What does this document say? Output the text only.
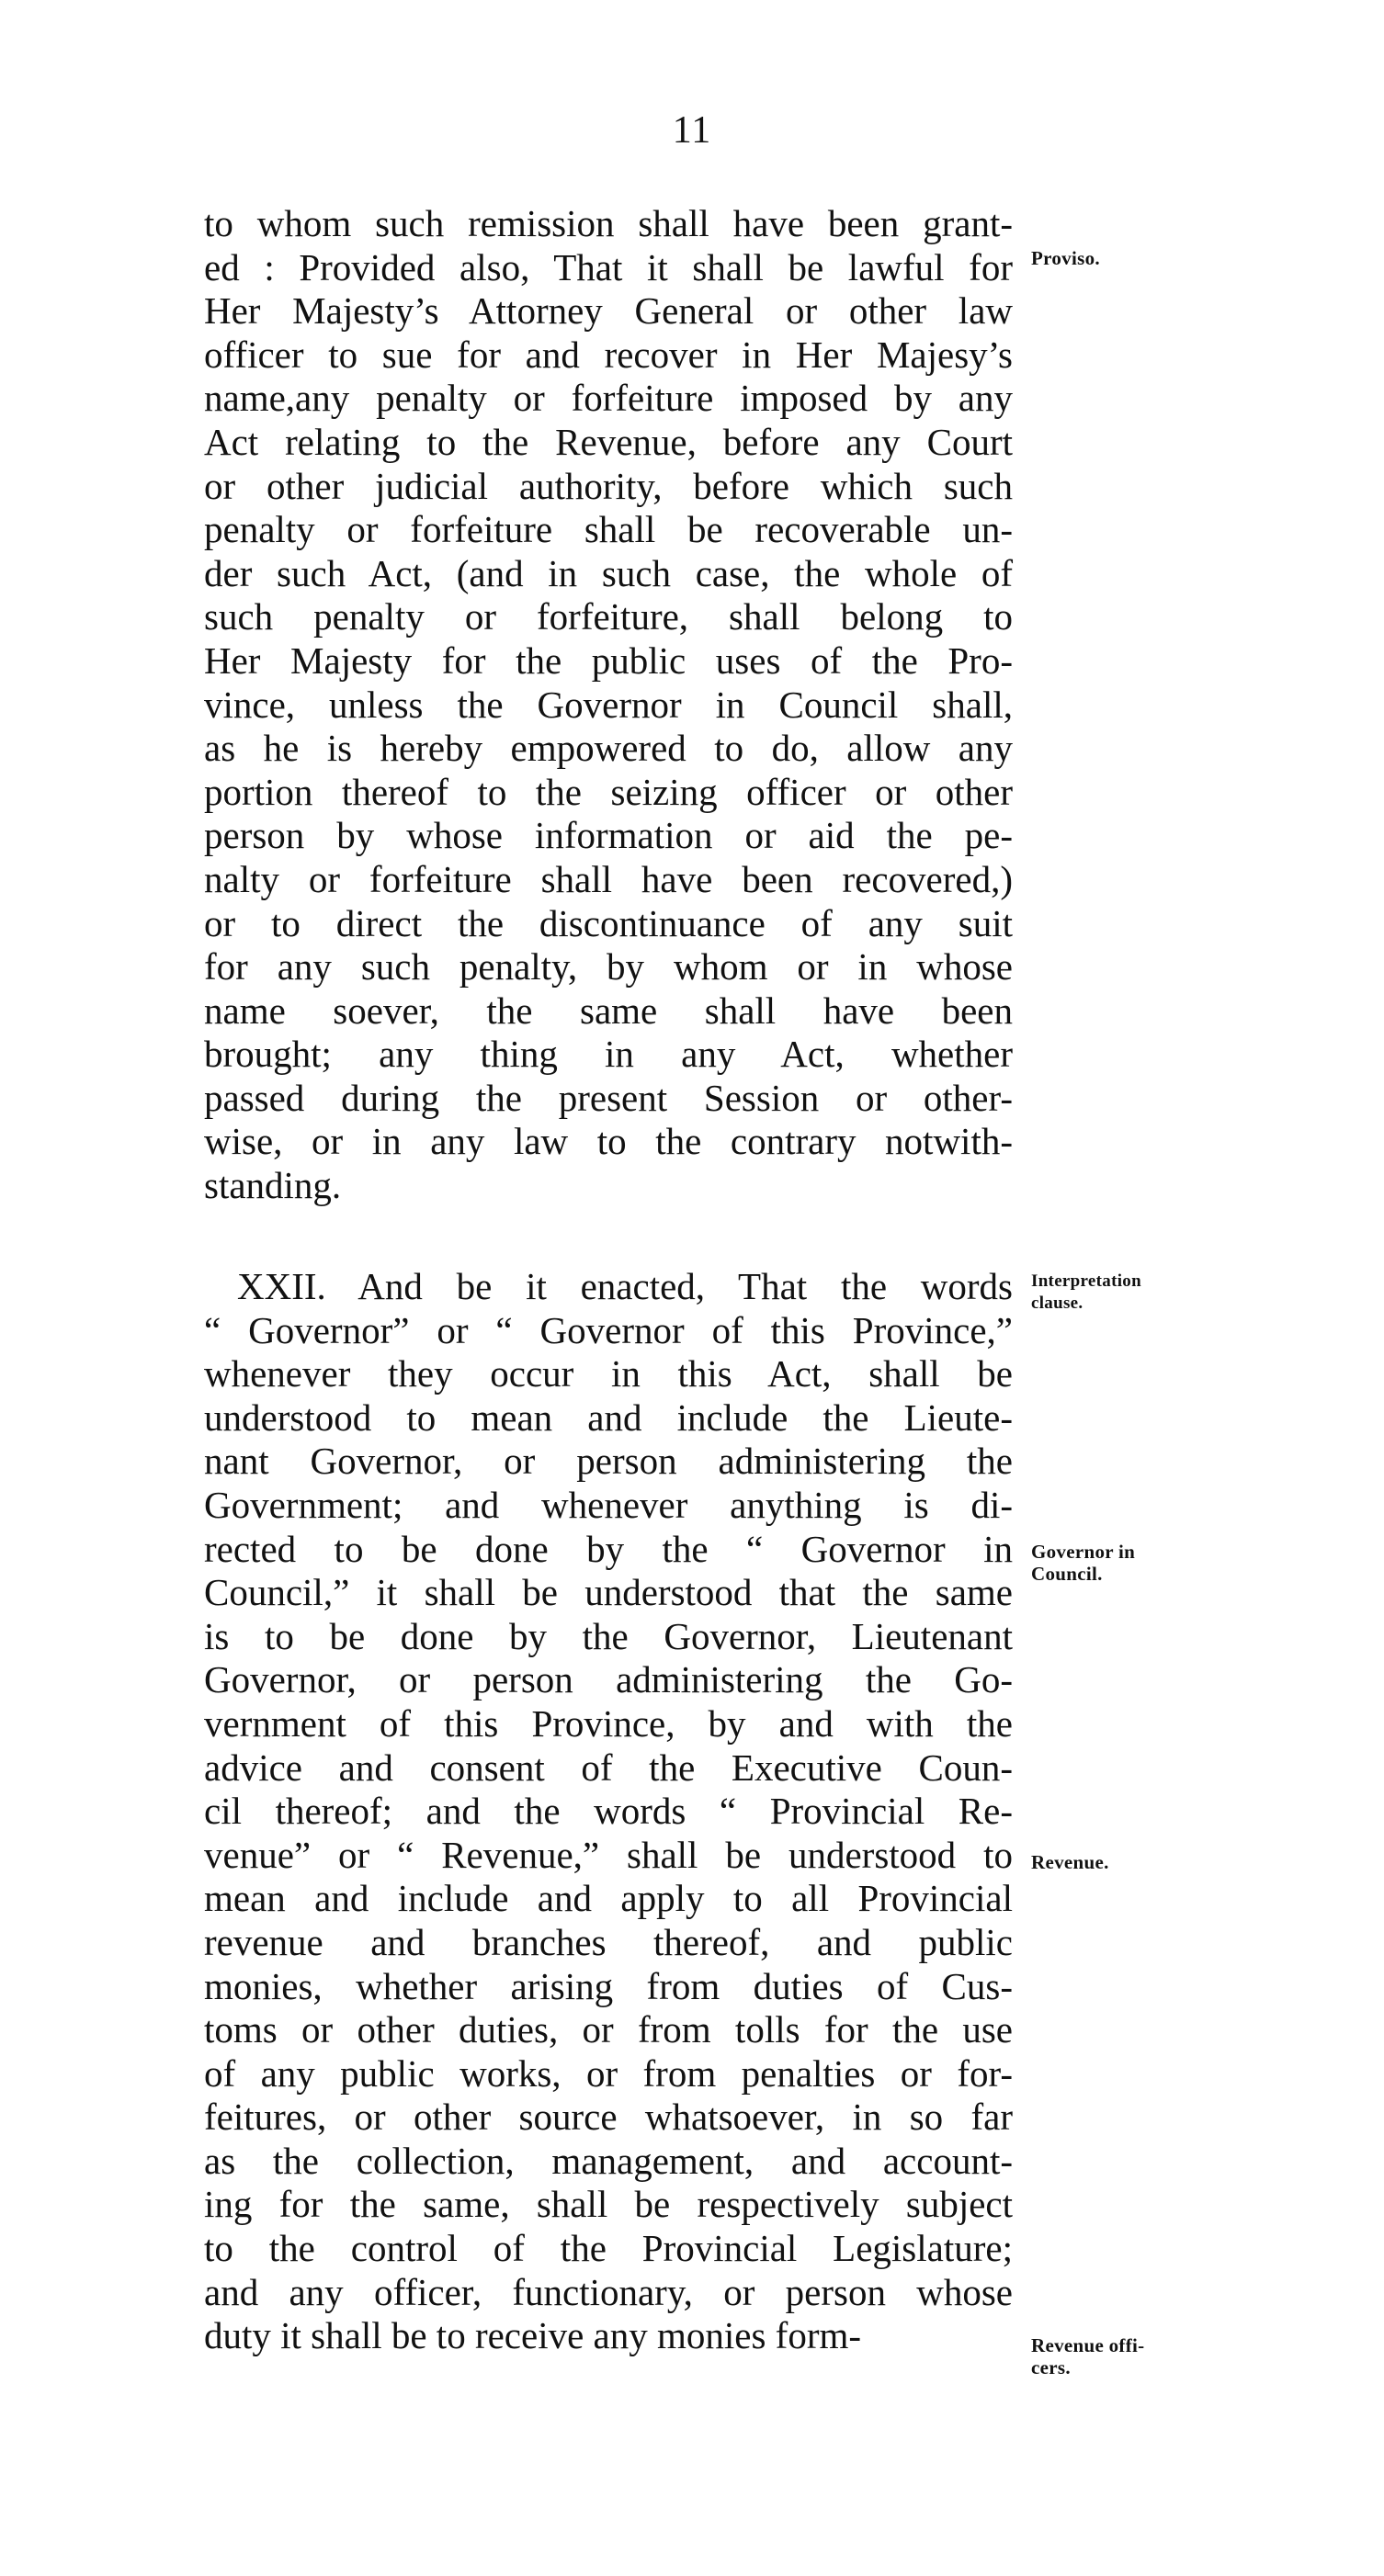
11
to whom such remission shall have been grant-
ed : Provided also, That it shall be lawful for
Her Majesty’s Attorney General or other law
officer to sue for and recover in Her Majesy’s
name,any penalty or forfeiture imposed by any
Act relating to the Revenue, before any Court
or other judicial authority, before which such
penalty or forfeiture shall be recoverable un-
der such Act, (and in such case, the whole of
such penalty or forfeiture, shall belong to
Her Majesty for the public uses of the Pro-
vince, unless the Governor in Council shall,
as he is hereby empowered to do, allow any
portion thereof to the seizing officer or other
person by whose information or aid the pe-
nalty or forfeiture shall have been recovered,)
or to direct the discontinuance of any suit
for any such penalty, by whom or in whose
name soever, the same shall have been
brought; any thing in any Act, whether
passed during the present Session or other-
wise, or in any law to the contrary notwith-
standing.
XXII. And be it enacted, That the words
“ Governor” or “ Governor of this Province,”
whenever they occur in this Act, shall be
understood to mean and include the Lieute-
nant Governor, or person administering the
Government; and whenever anything is di-
rected to be done by the “ Governor in
Council,” it shall be understood that the same
is to be done by the Governor, Lieutenant
Governor, or person administering the Go-
vernment of this Province, by and with the
advice and consent of the Executive Coun-
cil thereof; and the words “ Provincial Re-
venue” or “ Revenue,” shall be understood to
mean and include and apply to all Provincial
revenue and branches thereof, and public
monies, whether arising from duties of Cus-
toms or other duties, or from tolls for the use
of any public works, or from penalties or for-
feitures, or other source whatsoever, in so far
as the collection, management, and account-
ing for the same, shall be respectively subject
to the control of the Provincial Legislature;
and any officer, functionary, or person whose
duty it shall be to receive any monies form-
Proviso.
Interpretation
clause.
Governor in
Council.
Revenue.
Revenue offi-
cers.
